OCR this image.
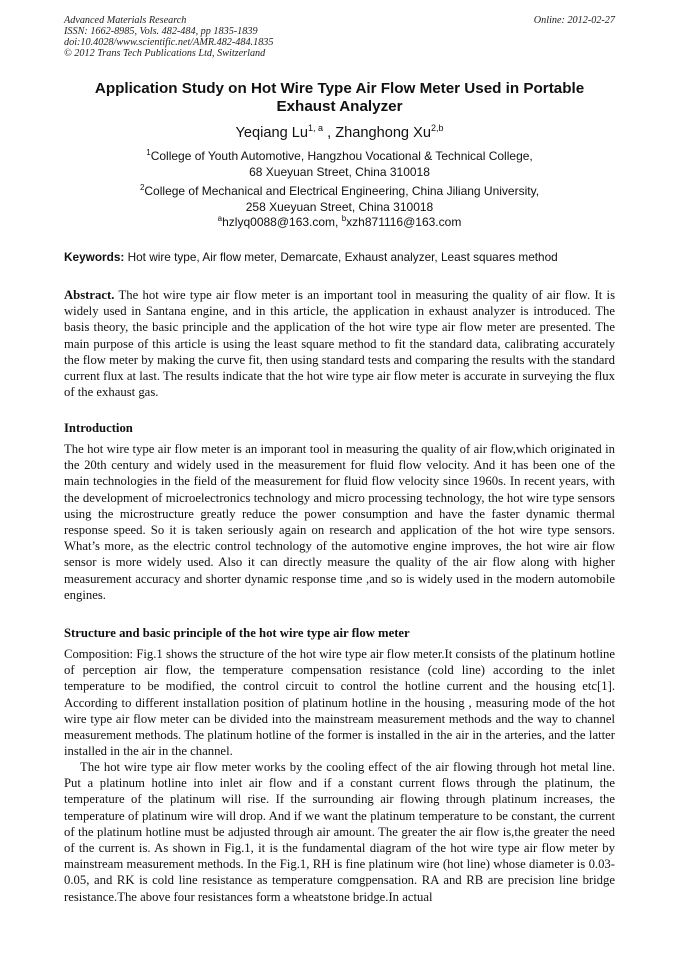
Advanced Materials Research
ISSN: 1662-8985, Vols. 482-484, pp 1835-1839
doi:10.4028/www.scientific.net/AMR.482-484.1835
© 2012 Trans Tech Publications Ltd, Switzerland
Online: 2012-02-27
Application Study on Hot Wire Type Air Flow Meter Used in Portable Exhaust Analyzer
Yeqiang Lu$^{1, a}$ , Zhanghong Xu$^{2,b}$
$^1$College of Youth Automotive, Hangzhou Vocational & Technical College,
68 Xueyuan Street, China 310018
$^2$College of Mechanical and Electrical Engineering, China Jiliang University,
258 Xueyuan Street, China 310018
$^a$hzlyq0088@163.com, $^b$xzh871116@163.com
Keywords: Hot wire type, Air flow meter, Demarcate, Exhaust analyzer, Least squares method
Abstract. The hot wire type air flow meter is an important tool in measuring the quality of air flow. It is widely used in Santana engine, and in this article, the application in exhaust analyzer is introduced. The basis theory, the basic principle and the application of the hot wire type air flow meter are presented. The main purpose of this article is using the least square method to fit the standard data, calibrating accurately the flow meter by making the curve fit, then using standard tests and comparing the results with the standard current flux at last. The results indicate that the hot wire type air flow meter is accurate in surveying the flux of the exhaust gas.
Introduction
The hot wire type air flow meter is an imporant tool in measuring the quality of air flow,which originated in the 20th century and widely used in the measurement for fluid flow velocity. And it has been one of the main technologies in the field of the measurement for fluid flow velocity since 1960s. In recent years, with the development of microelectronics technology and micro processing technology, the hot wire type sensors using the microstructure greatly reduce the power consumption and have the faster dynamic thermal response speed. So it is taken seriously again on research and application of the hot wire type sensors. What’s more, as the electric control technology of the automotive engine improves, the hot wire air flow sensor is more widely used. Also it can directly measure the quality of the air flow along with higher measurement accuracy and shorter dynamic response time ,and so is widely used in the modern automobile engines.
Structure and basic principle of the hot wire type air flow meter
Composition: Fig.1 shows the structure of the hot wire type air flow meter.It consists of the platinum hotline of perception air flow, the temperature compensation resistance (cold line) according to the inlet temperature to be modified, the control circuit to control the hotline current and the housing etc[1]. According to different installation position of platinum hotline in the housing , measuring mode of the hot wire type air flow meter can be divided into the mainstream measurement methods and the way to channel measurement methods. The platinum hotline of the former is installed in the air in the arteries, and the latter installed in the air in the channel.
The hot wire type air flow meter works by the cooling effect of the air flowing through hot metal line. Put a platinum hotline into inlet air flow and if a constant current flows through the platinum, the temperature of the platinum will rise. If the surrounding air flowing through platinum increases, the temperature of platinum wire will drop. And if we want the platinum temperature to be constant, the current of the platinum hotline must be adjusted through air amount. The greater the air flow is,the greater the need of the current is. As shown in Fig.1, it is the fundamental diagram of the hot wire type air flow meter by mainstream measurement methods. In the Fig.1, RH is fine platinum wire (hot line) whose diameter is 0.03-0.05, and RK is cold line resistance as temperature comgpensation. RA and RB are precision line bridge resistance.The above four resistances form a wheatstone bridge.In actual
